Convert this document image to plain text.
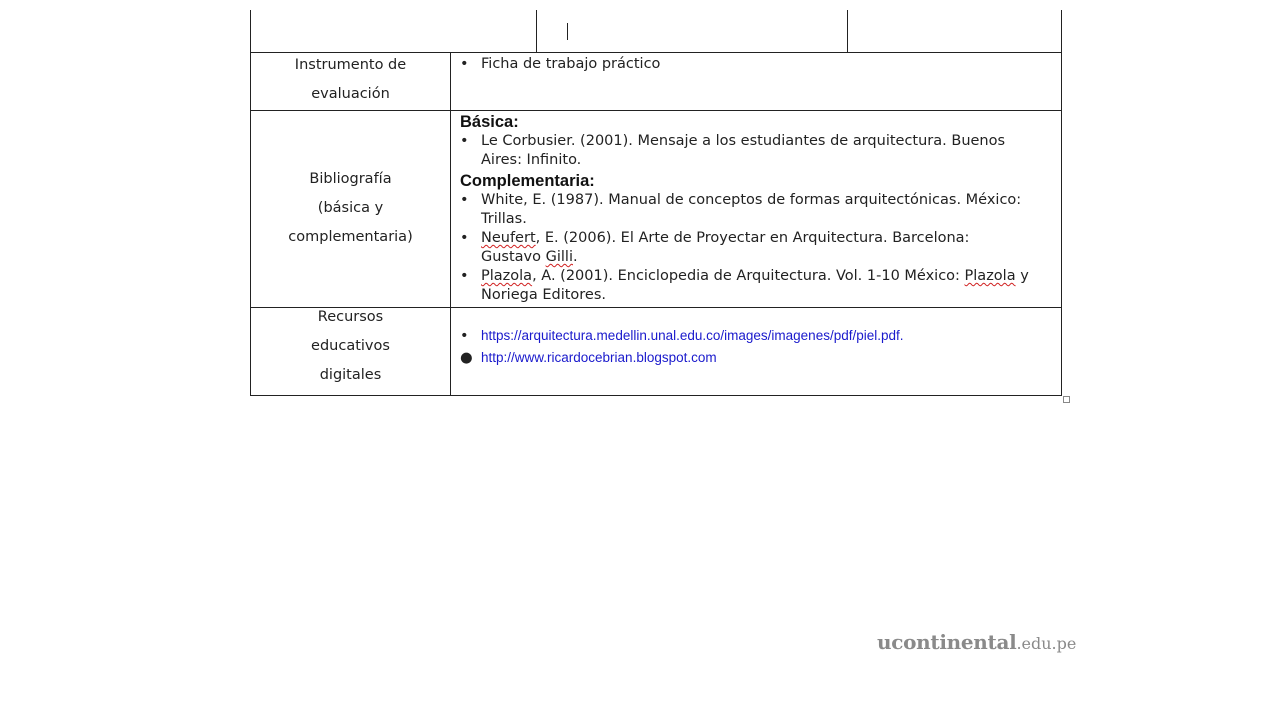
Instrumento de
evaluación
• Ficha de trabajo práctico
Bibliografía
(básica y
complementaria)
Básica:
• Le Corbusier. (2001). Mensaje a los estudiantes de arquitectura. Buenos
Aires: Infinito.
Complementaria:
• White, E. (1987). Manual de conceptos de formas arquitectónicas. México:
Trillas.
• Neufert, E. (2006). El Arte de Proyectar en Arquitectura. Barcelona:
Gustavo Gilli.
• Plazola, A. (2001). Enciclopedia de Arquitectura. Vol. 1-10 México: Plazola y
Noriega Editores.
Recursos
educativos
digitales
• https://arquitectura.medellin.unal.edu.co/images/imagenes/pdf/piel.pdf.
● http://www.ricardocebrian.blogspot.com
ucontinental.edu.pe
